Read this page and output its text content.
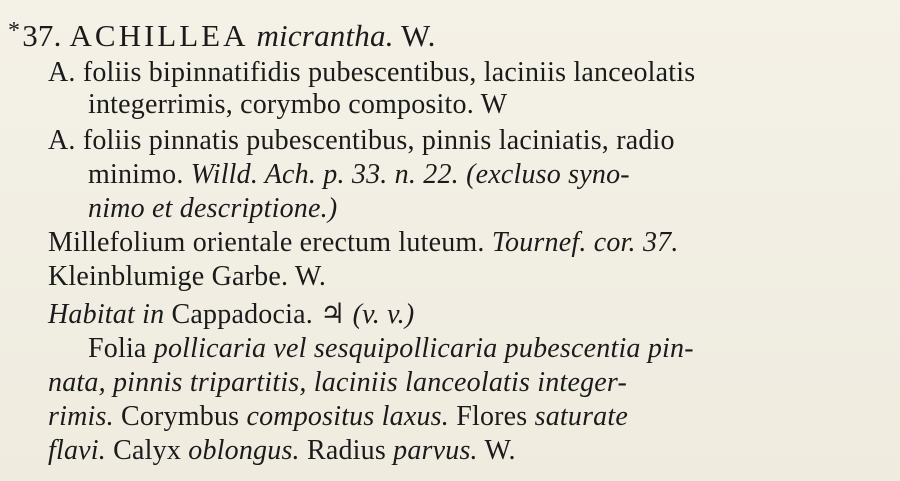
*37. ACHILLEA micrantha. W.
A. foliis bipinnatifidis pubescentibus, laciniis lanceolatis
integerrimis, corymbo composito. W
A. foliis pinnatis pubescentibus, pinnis laciniatis, radio
minimo. Willd. Ach. p. 33. n. 22. (excluso syno-
nimo et descriptione.)
Millefolium orientale erectum luteum. Tournef. cor. 37.
Kleinblumige Garbe. W.
Habitat in Cappadocia. ♃ (v. v.)
Folia pollicaria vel sesquipollicaria pubescentia pin-
nata, pinnis tripartitis, laciniis lanceolatis integer-
rimis. Corymbus compositus laxus. Flores saturate
flavi. Calyx oblongus. Radius parvus. W.
